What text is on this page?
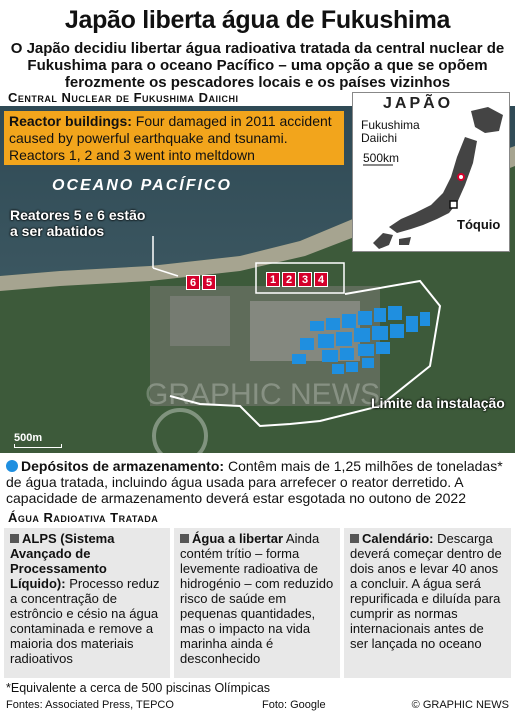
Japão liberta água de Fukushima
O Japão decidiu libertar água radioativa tratada da central nuclear de Fukushima para o oceano Pacífico – uma opção a que se opõem ferozmente os pescadores locais e os países vizinhos
Central Nuclear de Fukushima Daiichi
GRAPHIC NEWS
Reactor buildings: Four damaged in 2011 accident caused by powerful earthquake and tsunami. Reactors 1, 2 and 3 went into meltdown
OCEANO PACÍFICO
Reatores 5 e 6 estão
a ser abatidos
6 5	1 2 3 4
Limite da instalação
500m
JAPÃO
Fukushima
Daiichi
500km
Tóquio
Depósitos de armazenamento: Contêm mais de 1,25 milhões de toneladas* de água tratada, incluindo água usada para arrefecer o reator derretido. A capacidade de armazenamento deverá estar esgotada no outono de 2022
Água Radioativa Tratada
ALPS (Sistema Avançado de Processamento Líquido): Processo reduz a concentração de estrôncio e césio na água contaminada e remove a maioria dos materiais radioativos
Água a libertar Ainda contém trítio – forma levemente radioativa de hidrogénio – com reduzido risco de saúde em pequenas quantidades, mas o impacto na vida marinha ainda é desconhecido
Calendário: Descarga deverá começar dentro de dois anos e levar 40 anos a concluir. A água será repurificada e diluída para cumprir as normas internacionais antes de ser lançada no oceano
*Equivalente a cerca de 500 piscinas Olímpicas
Fontes: Associated Press, TEPCO	Foto: Google	© GRAPHIC NEWS
